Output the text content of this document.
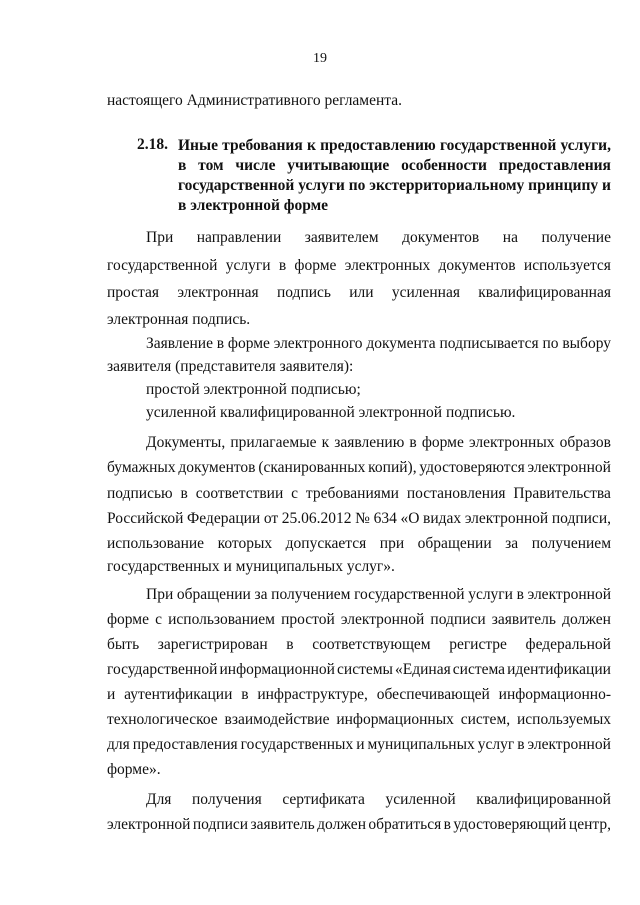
19
настоящего Административного регламента.
2.18. Иные требования к предоставлению государственной услуги,
в том числе учитывающие особенности предоставления
государственной услуги по экстерриториальному принципу и
в электронной форме
При направлении заявителем документов на получение
государственной услуги в форме электронных документов используется
простая электронная подпись или усиленная квалифицированная
электронная подпись.
Заявление в форме электронного документа подписывается по выбору
заявителя (представителя заявителя):
простой электронной подписью;
усиленной квалифицированной электронной подписью.
Документы, прилагаемые к заявлению в форме электронных образов
бумажных документов (сканированных копий), удостоверяются электронной
подписью в соответствии с требованиями постановления Правительства
Российской Федерации от 25.06.2012 № 634 «О видах электронной подписи,
использование которых допускается при обращении за получением
государственных и муниципальных услуг».
При обращении за получением государственной услуги в электронной
форме с использованием простой электронной подписи заявитель должен
быть зарегистрирован в соответствующем регистре федеральной
государственной информационной системы «Единая система идентификации
и аутентификации в инфраструктуре, обеспечивающей информационно-
технологическое взаимодействие информационных систем, используемых
для предоставления государственных и муниципальных услуг в электронной
форме».
Для получения сертификата усиленной квалифицированной
электронной подписи заявитель должен обратиться в удостоверяющий центр,
